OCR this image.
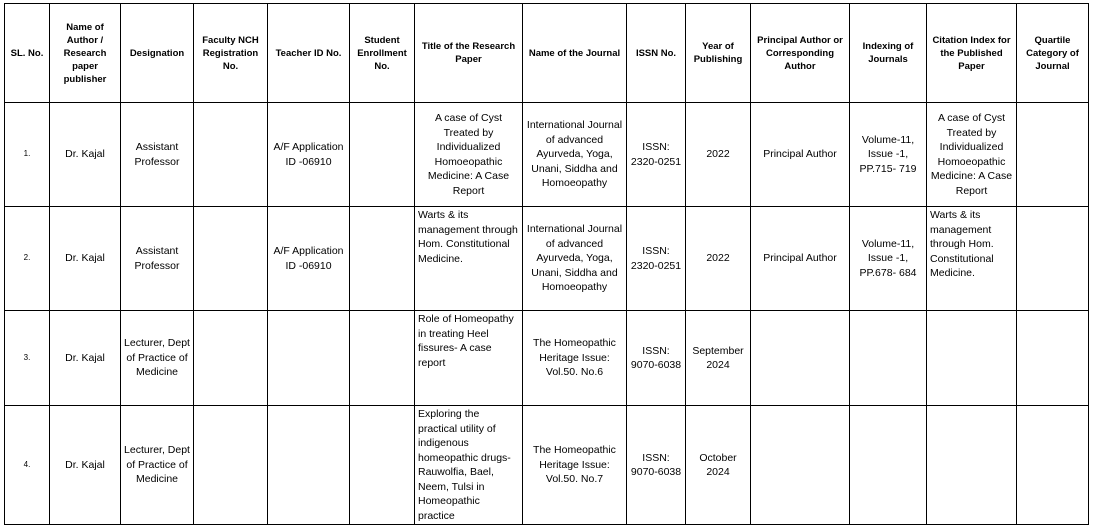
SL. No.	Name of Author / Research paper publisher	Designation	Faculty NCH Registration No.	Teacher ID No.	Student Enrollment No.	Title of the Research Paper	Name of the Journal	ISSN No.	Year of Publishing	Principal Author or Corresponding Author	Indexing of Journals	Citation Index for the Published Paper	Quartile Category of Journal
1.	Dr. Kajal	Assistant Professor		A/F Application ID -06910		A case of Cyst Treated by Individualized Homoeopathic Medicine: A Case Report	International Journal of advanced Ayurveda, Yoga, Unani, Siddha and Homoeopathy	ISSN: 2320-0251	2022	Principal Author	Volume-11, Issue -1, PP.715- 719	A case of Cyst Treated by Individualized Homoeopathic Medicine: A Case Report	
2.	Dr. Kajal	Assistant Professor		A/F Application ID -06910		Warts & its management through Hom. Constitutional Medicine.	International Journal of advanced Ayurveda, Yoga, Unani, Siddha and Homoeopathy	ISSN: 2320-0251	2022	Principal Author	Volume-11, Issue -1, PP.678- 684	Warts & its management through Hom. Constitutional Medicine.	
3.	Dr. Kajal	Lecturer, Dept of Practice of Medicine				Role of Homeopathy in treating Heel fissures- A case report	The Homeopathic Heritage Issue: Vol.50. No.6	ISSN: 9070-6038	September 2024				
4.	Dr. Kajal	Lecturer, Dept of Practice of Medicine				Exploring the practical utility of indigenous homeopathic drugs- Rauwolfia, Bael, Neem, Tulsi in Homeopathic practice	The Homeopathic Heritage Issue: Vol.50. No.7	ISSN: 9070-6038	October 2024				
